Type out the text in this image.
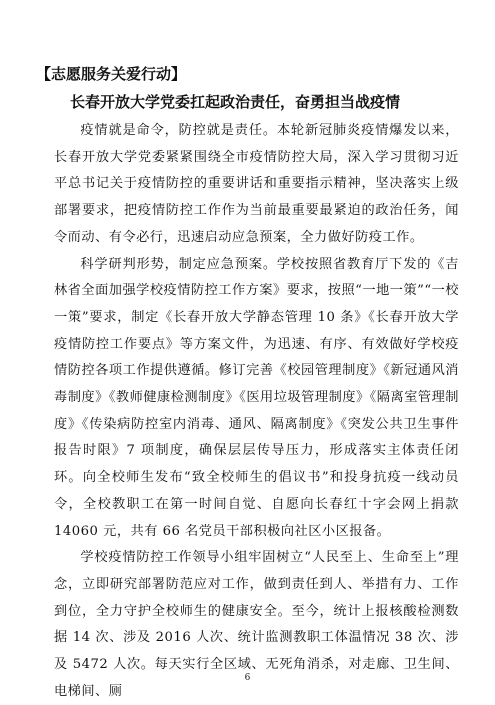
【志愿服务关爱行动】
长春开放大学党委扛起政治责任，奋勇担当战疫情

疫情就是命令，防控就是责任。本轮新冠肺炎疫情爆发以来，长春开放大学党委紧紧围绕全市疫情防控大局，深入学习贯彻习近平总书记关于疫情防控的重要讲话和重要指示精神，坚决落实上级部署要求，把疫情防控工作作为当前最重要最紧迫的政治任务，闻令而动、有令必行，迅速启动应急预案，全力做好防疫工作。

科学研判形势，制定应急预案。学校按照省教育厅下发的《吉林省全面加强学校疫情防控工作方案》要求，按照“一地一策”“一校一策”要求，制定《长春开放大学静态管理 10 条》《长春开放大学疫情防控工作要点》等方案文件，为迅速、有序、有效做好学校疫情防控各项工作提供遵循。修订完善《校园管理制度》《新冠通风消毒制度》《教师健康检测制度》《医用垃圾管理制度》《隔离室管理制度》《传染病防控室内消毒、通风、隔离制度》《突发公共卫生事件报告时限》7 项制度，确保层层传导压力，形成落实主体责任闭环。向全校师生发布“致全校师生的倡议书”和投身抗疫一线动员令，全校教职工在第一时间自觉、自愿向长春红十字会网上捐款 14060 元，共有 66 名党员干部积极向社区小区报备。

学校疫情防控工作领导小组牢固树立“人民至上、生命至上”理念，立即研究部署防范应对工作，做到责任到人、举措有力、工作到位，全力守护全校师生的健康安全。至今，统计上报核酸检测数据 14 次、涉及 2016 人次、统计监测教职工体温情况 38 次、涉及 5472 人次。每天实行全区域、无死角消杀，对走廊、卫生间、电梯间、厕

6
